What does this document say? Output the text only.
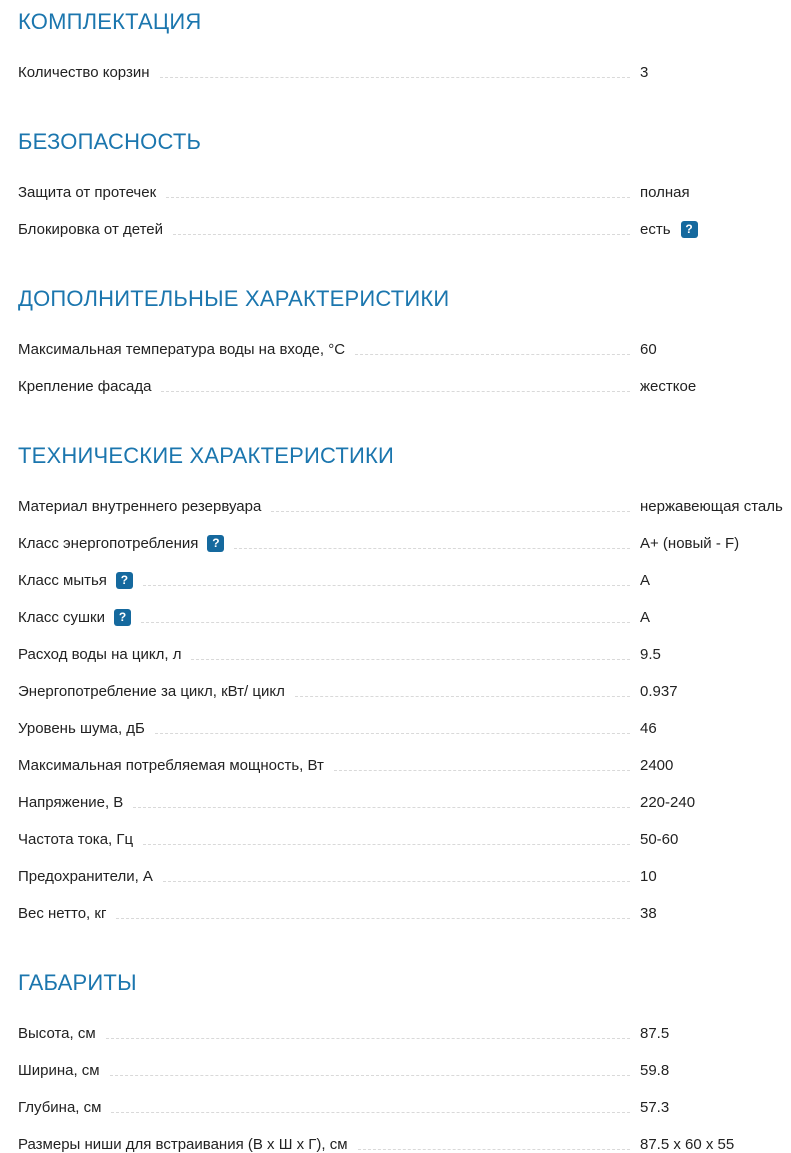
КОМПЛЕКТАЦИЯ
Количество корзин	3
БЕЗОПАСНОСТЬ
Защита от протечек	полная
Блокировка от детей	есть	?
ДОПОЛНИТЕЛЬНЫЕ ХАРАКТЕРИСТИКИ
Максимальная температура воды на входе, °С	60
Крепление фасада	жесткое
ТЕХНИЧЕСКИЕ ХАРАКТЕРИСТИКИ
Материал внутреннего резервуара	нержавеющая сталь
Класс энергопотребления	?	A+ (новый - F)
Класс мытья	?	A
Класс сушки	?	A
Расход воды на цикл, л	9.5
Энергопотребление за цикл, кВт/ цикл	0.937
Уровень шума, дБ	46
Максимальная потребляемая мощность, Вт	2400
Напряжение, В	220-240
Частота тока, Гц	50-60
Предохранители, А	10
Вес нетто, кг	38
ГАБАРИТЫ
Высота, см	87.5
Ширина, см	59.8
Глубина, см	57.3
Размеры ниши для встраивания (В x Ш x Г), см	87.5 x 60 x 55
